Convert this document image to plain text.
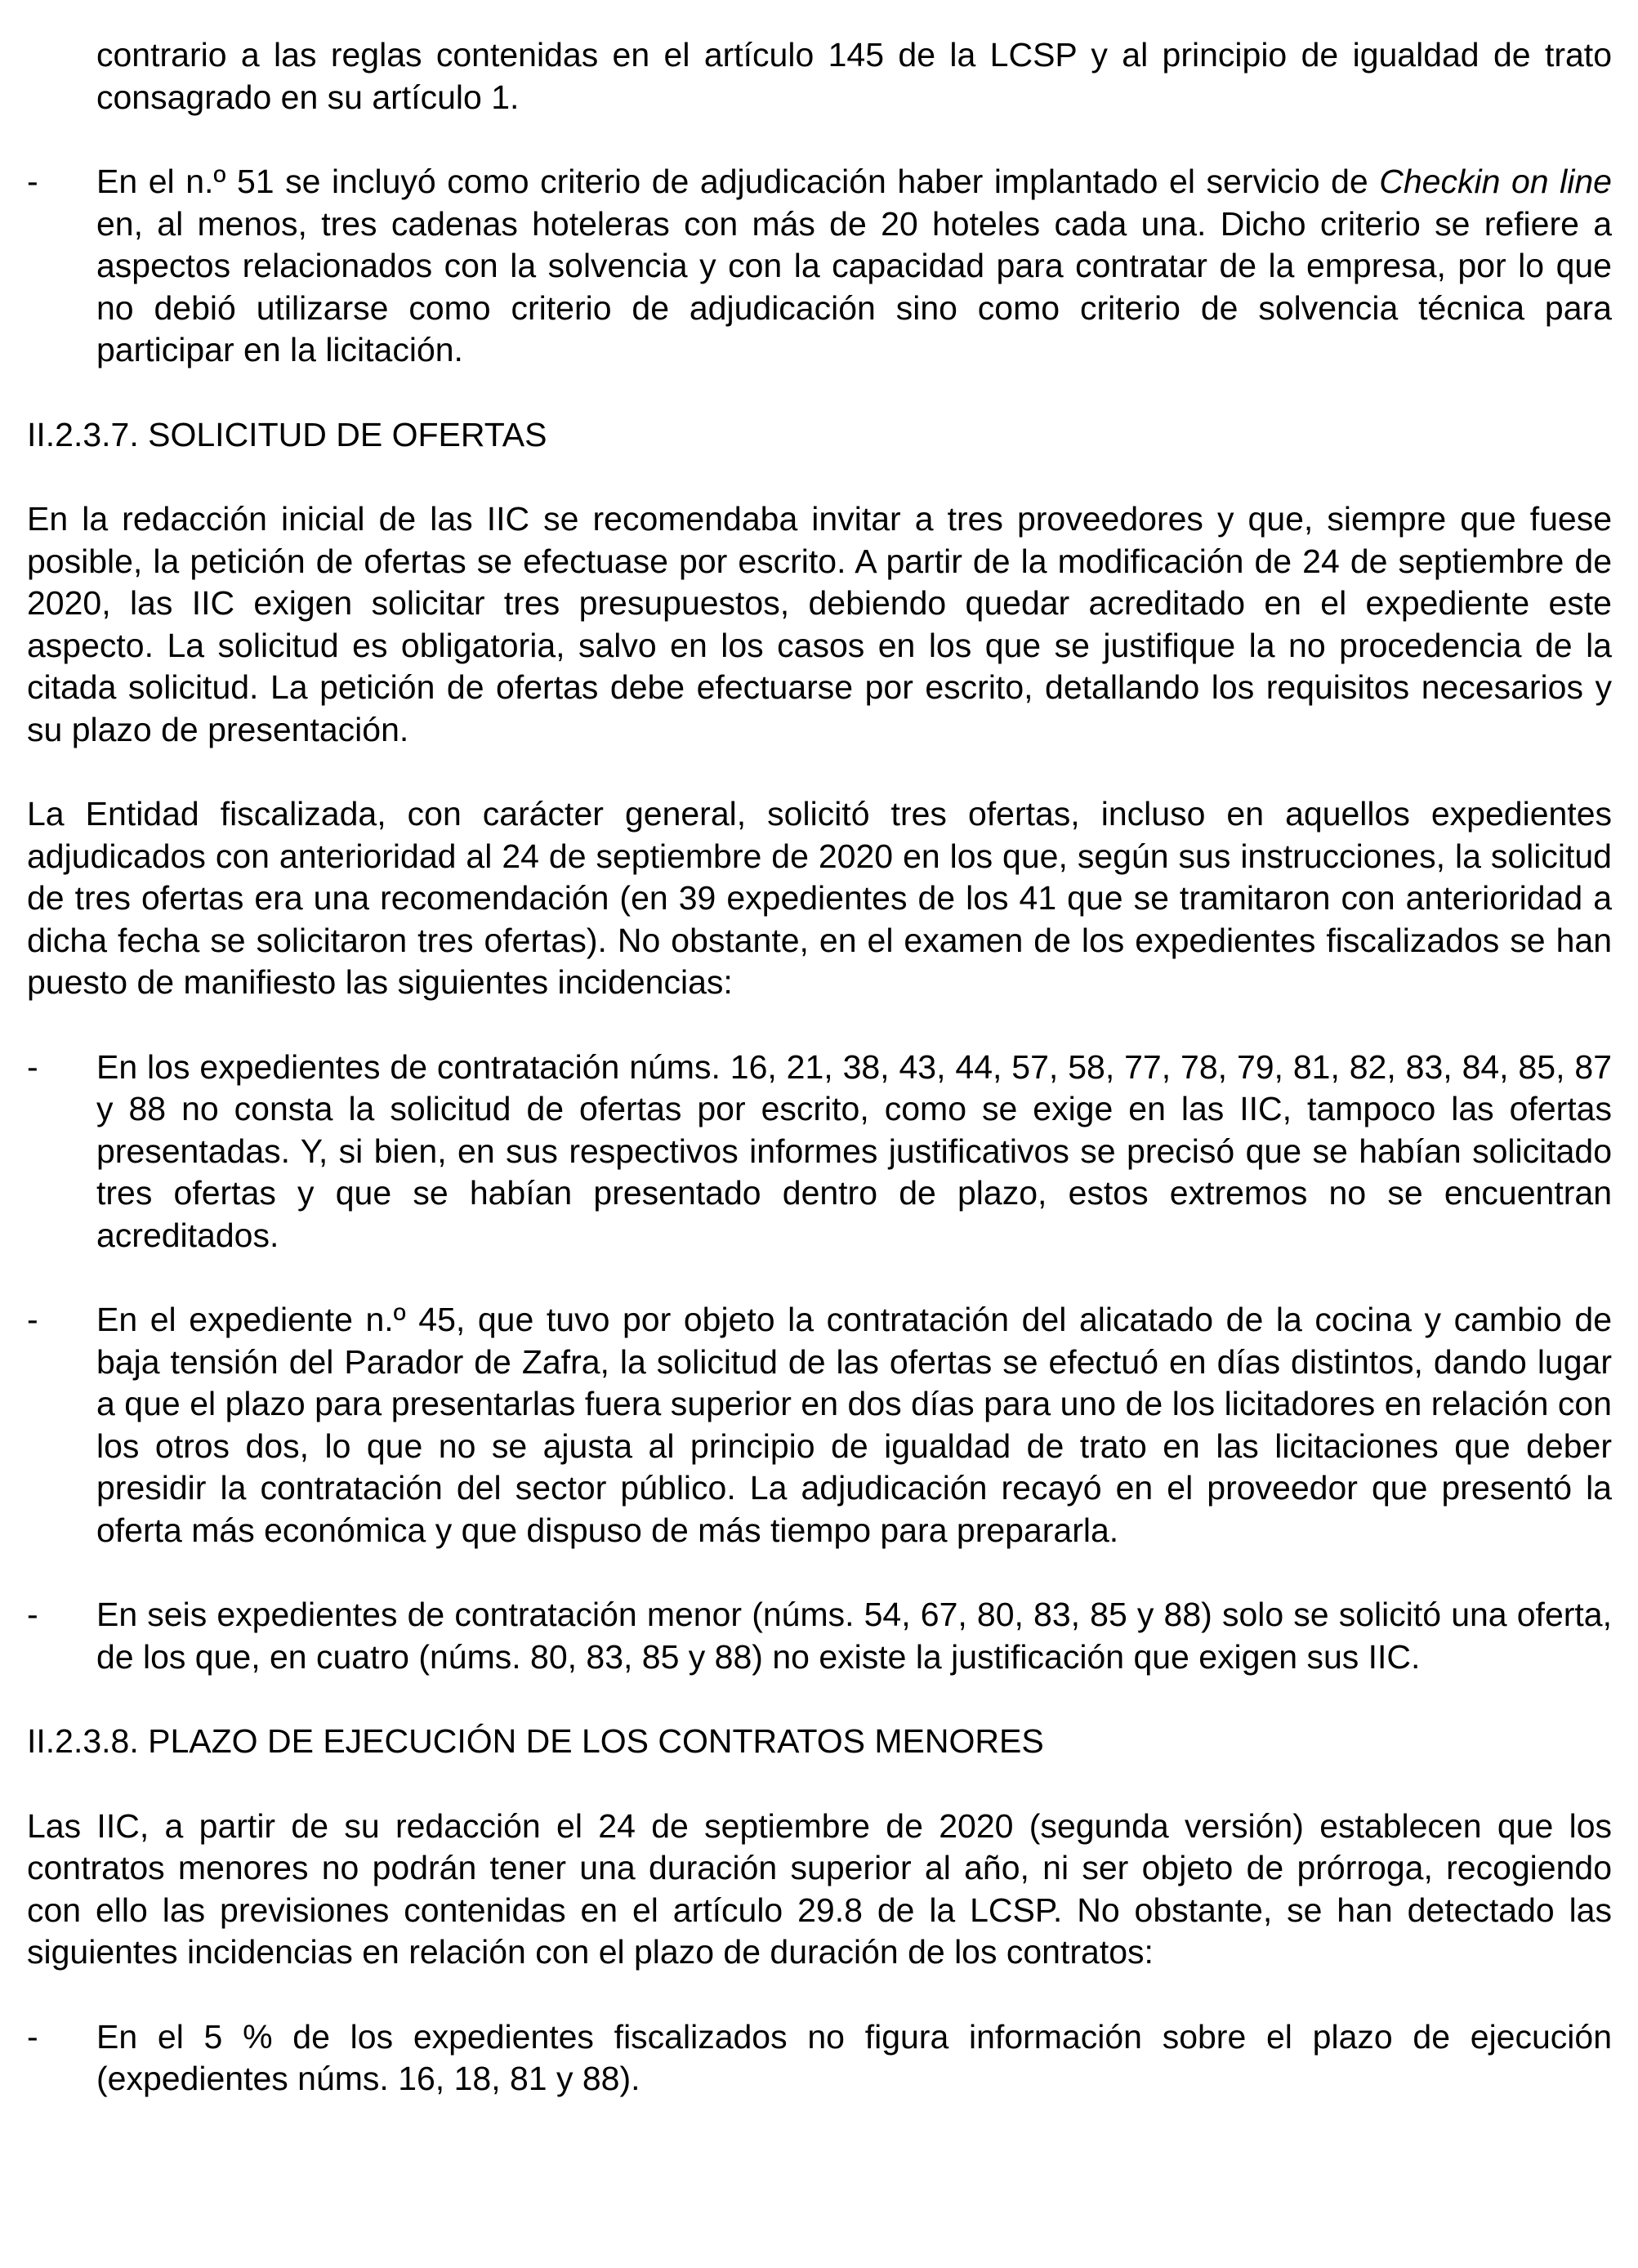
contrario a las reglas contenidas en el artículo 145 de la LCSP y al principio de igualdad de trato consagrado en su artículo 1.

- En el n.º 51 se incluyó como criterio de adjudicación haber implantado el servicio de Checkin on line en, al menos, tres cadenas hoteleras con más de 20 hoteles cada una. Dicho criterio se refiere a aspectos relacionados con la solvencia y con la capacidad para contratar de la empresa, por lo que no debió utilizarse como criterio de adjudicación sino como criterio de solvencia técnica para participar en la licitación.

II.2.3.7. SOLICITUD DE OFERTAS

En la redacción inicial de las IIC se recomendaba invitar a tres proveedores y que, siempre que fuese posible, la petición de ofertas se efectuase por escrito. A partir de la modificación de 24 de septiembre de 2020, las IIC exigen solicitar tres presupuestos, debiendo quedar acreditado en el expediente este aspecto. La solicitud es obligatoria, salvo en los casos en los que se justifique la no procedencia de la citada solicitud. La petición de ofertas debe efectuarse por escrito, detallando los requisitos necesarios y su plazo de presentación.

La Entidad fiscalizada, con carácter general, solicitó tres ofertas, incluso en aquellos expedientes adjudicados con anterioridad al 24 de septiembre de 2020 en los que, según sus instrucciones, la solicitud de tres ofertas era una recomendación (en 39 expedientes de los 41 que se tramitaron con anterioridad a dicha fecha se solicitaron tres ofertas). No obstante, en el examen de los expedientes fiscalizados se han puesto de manifiesto las siguientes incidencias:

- En los expedientes de contratación núms. 16, 21, 38, 43, 44, 57, 58, 77, 78, 79, 81, 82, 83, 84, 85, 87 y 88 no consta la solicitud de ofertas por escrito, como se exige en las IIC, tampoco las ofertas presentadas. Y, si bien, en sus respectivos informes justificativos se precisó que se habían solicitado tres ofertas y que se habían presentado dentro de plazo, estos extremos no se encuentran acreditados.

- En el expediente n.º 45, que tuvo por objeto la contratación del alicatado de la cocina y cambio de baja tensión del Parador de Zafra, la solicitud de las ofertas se efectuó en días distintos, dando lugar a que el plazo para presentarlas fuera superior en dos días para uno de los licitadores en relación con los otros dos, lo que no se ajusta al principio de igualdad de trato en las licitaciones que deber presidir la contratación del sector público. La adjudicación recayó en el proveedor que presentó la oferta más económica y que dispuso de más tiempo para prepararla.

- En seis expedientes de contratación menor (núms. 54, 67, 80, 83, 85 y 88) solo se solicitó una oferta, de los que, en cuatro (núms. 80, 83, 85 y 88) no existe la justificación que exigen sus IIC.

II.2.3.8. PLAZO DE EJECUCIÓN DE LOS CONTRATOS MENORES

Las IIC, a partir de su redacción el 24 de septiembre de 2020 (segunda versión) establecen que los contratos menores no podrán tener una duración superior al año, ni ser objeto de prórroga, recogiendo con ello las previsiones contenidas en el artículo 29.8 de la LCSP. No obstante, se han detectado las siguientes incidencias en relación con el plazo de duración de los contratos:

- En el 5 % de los expedientes fiscalizados no figura información sobre el plazo de ejecución (expedientes núms. 16, 18, 81 y 88).
